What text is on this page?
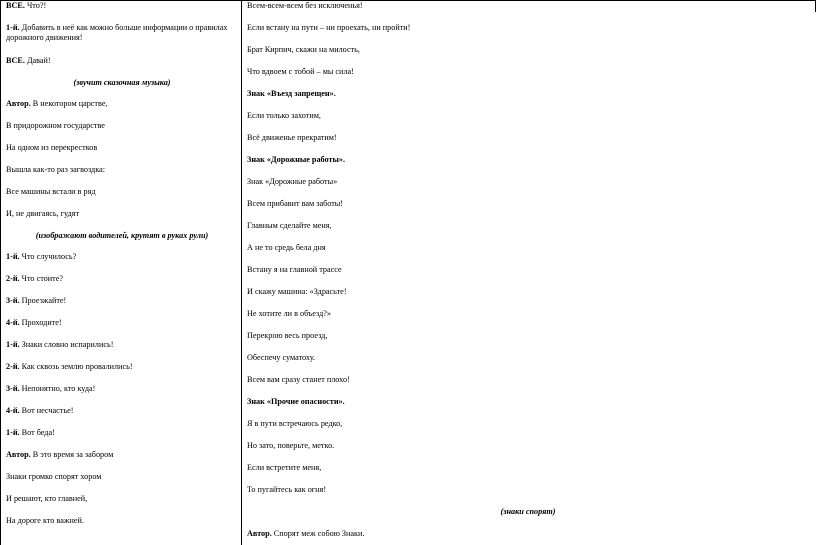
ВСЕ. Что?!
1-й. Добавить в неё как можно больше информации о правилах дорожного движения!
ВСЕ. Давай!
(звучит сказочная музыка)
Автор. В некотором царстве,
В придорожном государстве
На одном из перекрестков
Вышла как-то раз загвоздка:
Все машины встали в ряд
И, не двигаясь, гудят
(изображают водителей, крутят в руках рули)
1-й. Что случилось?
2-й. Что стоите?
3-й. Проезжайте!
4-й. Проходите!
1-й. Знаки словно испарились!
2-й. Как сквозь землю провалились!
3-й. Непонятно, кто куда!
4-й. Вот несчастье!
1-й. Вот беда!
Автор. В это время за забором
Знаки громко спорят хором
И решают, кто главней,
На дороге кто важней.
Всем-всем-всем без исключенья!
Если встану на пути – ни проехать, ни пройти!
Брат Кирпич, скажи на милость,
Что вдвоем с тобой – мы сила!
Знак «Въезд запрещен».
Если только захотим,
Всё движенье прекратим!
Знак «Дорожные работы».
Знак «Дорожные работы»
Всем прибавит вам заботы!
Главным сделайте меня,
А не то средь бела дня
Встану я на главной трассе
И скажу машина: «Здрасьте!
Не хотите ли в объезд?»
Перекрою весь проезд,
Обеспечу суматоху.
Всем вам сразу станет плохо!
Знак «Прочие опасности».
Я в пути встречаюсь редко,
Но зато, поверьте, метко.
Если встретите меня,
То пугайтесь как огня!
(знаки спорят)
Автор. Спорят меж собою Знаки.
